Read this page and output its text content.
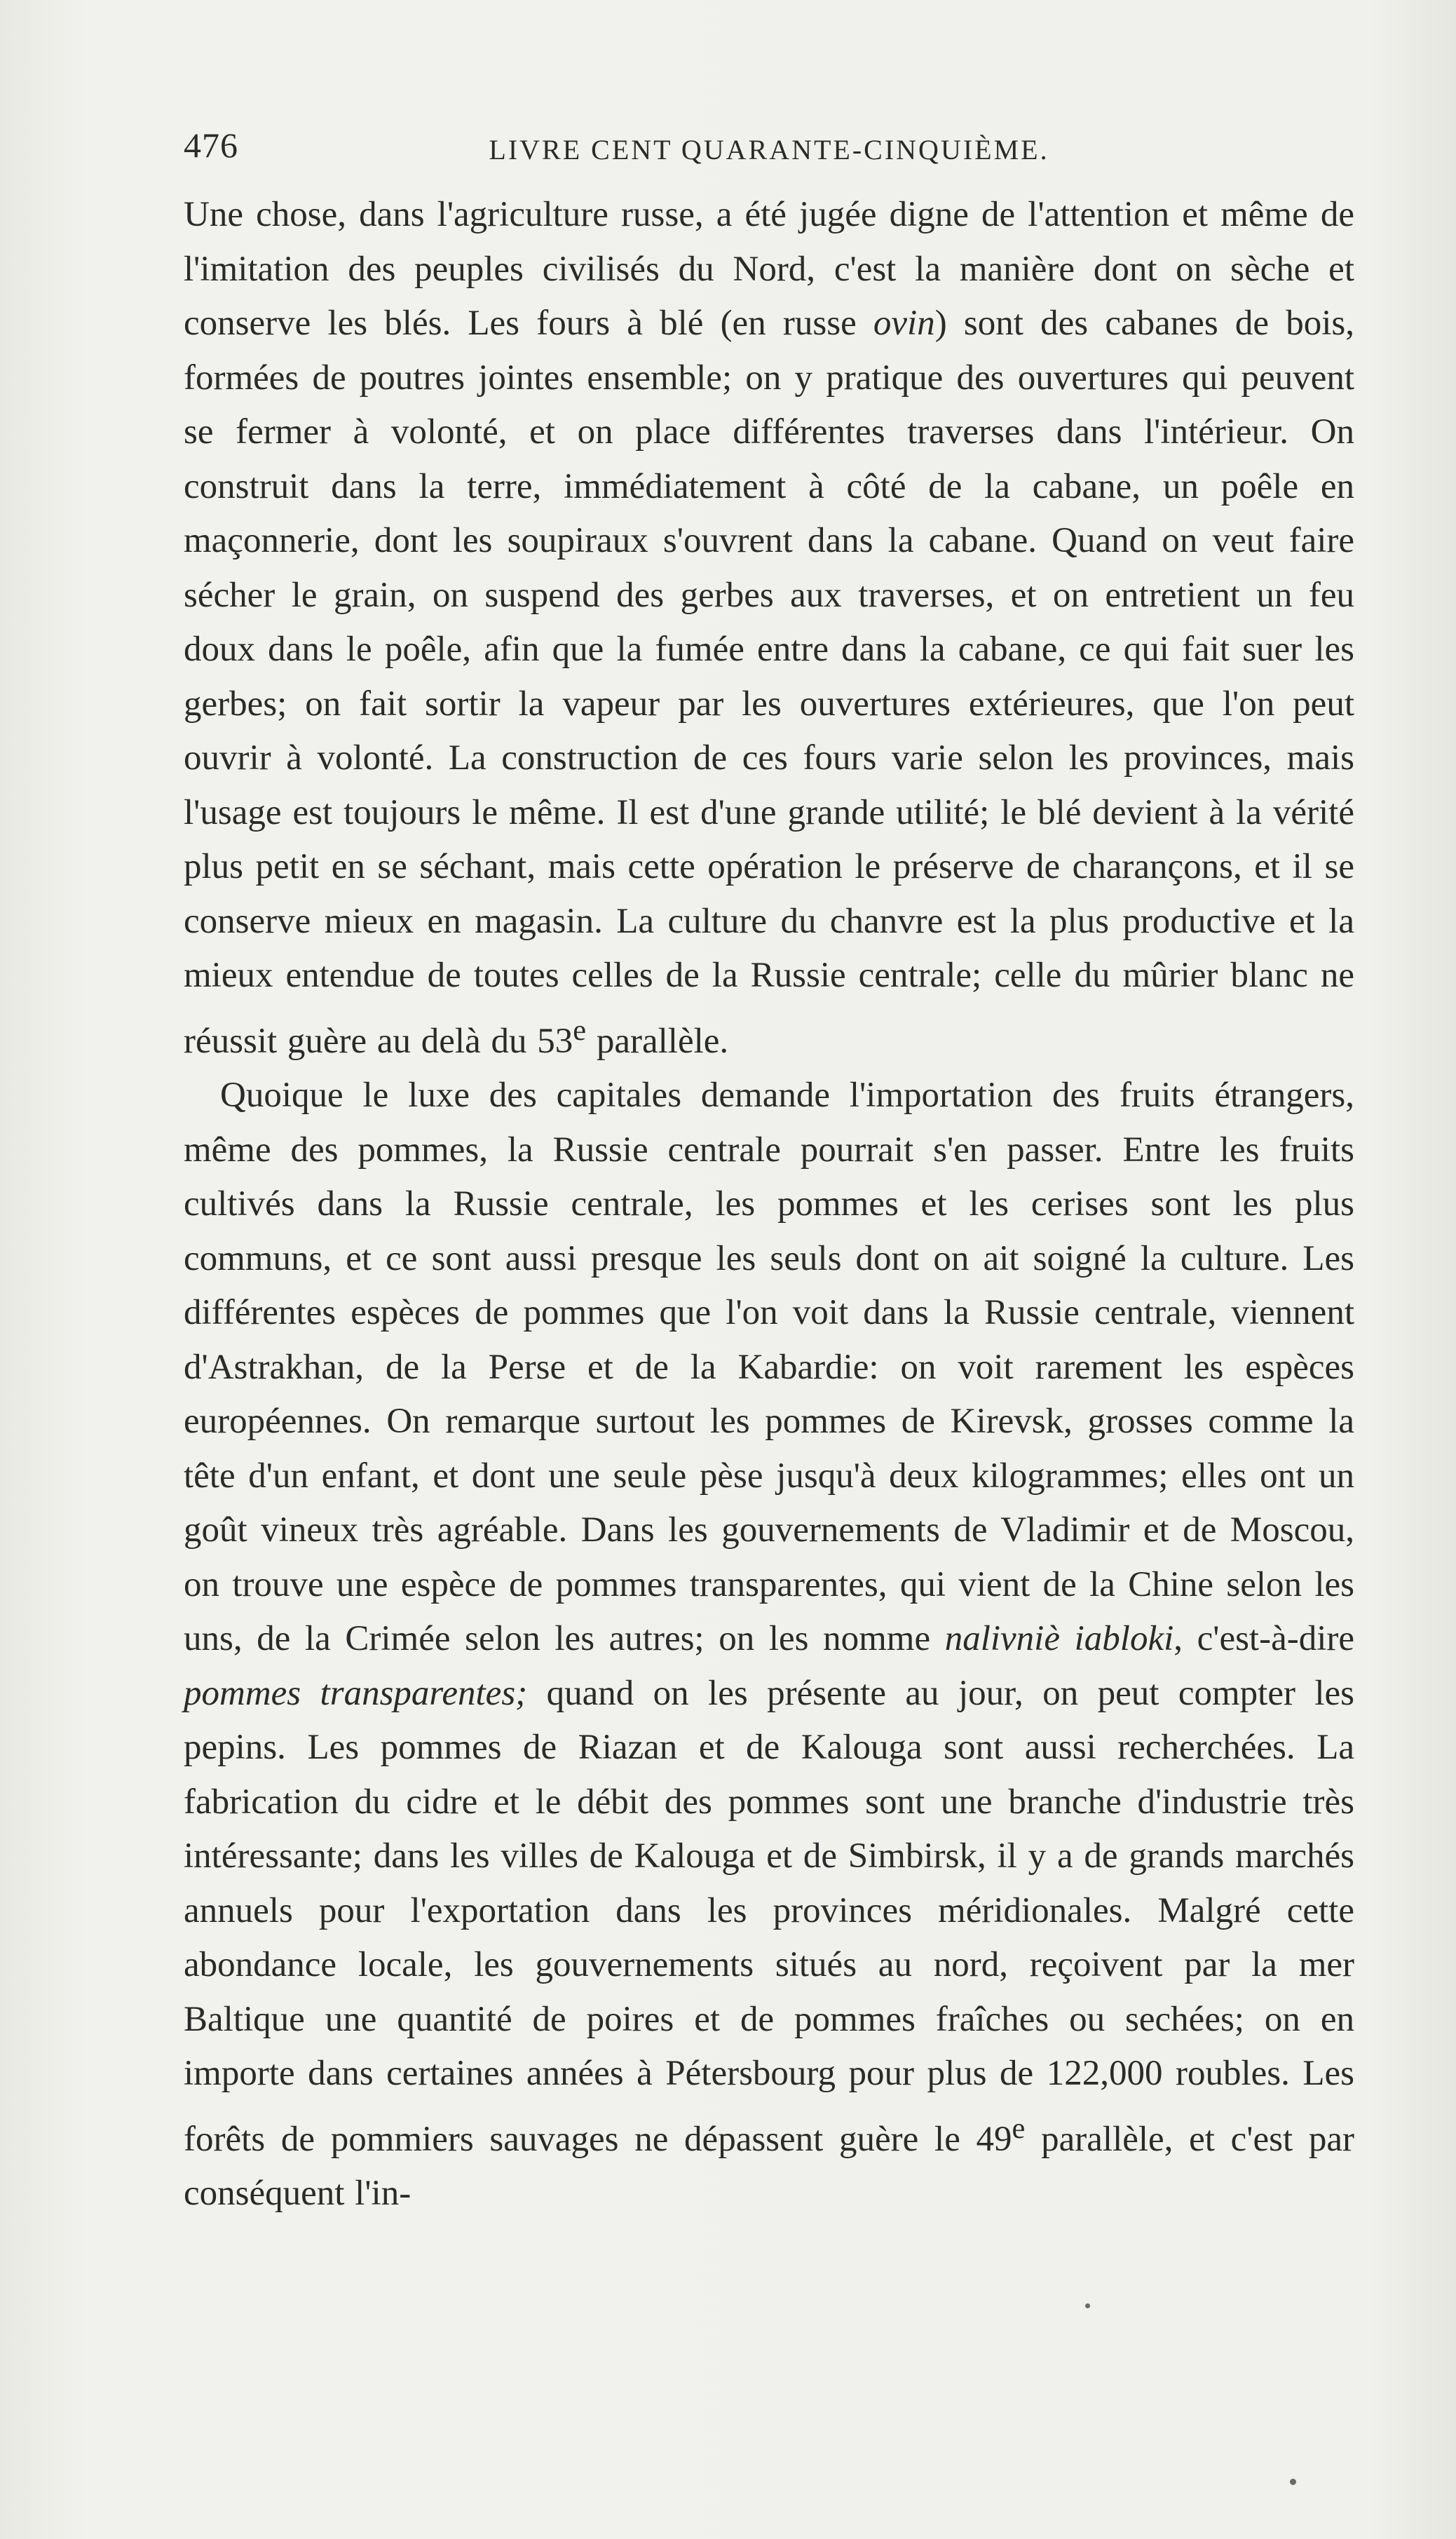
476	LIVRE CENT QUARANTE-CINQUIÈME.

Une chose, dans l'agriculture russe, a été jugée digne de l'attention et même de l'imitation des peuples civilisés du Nord, c'est la manière dont on sèche et conserve les blés. Les fours à blé (en russe ovin) sont des cabanes de bois, formées de poutres jointes ensemble; on y pratique des ouvertures qui peuvent se fermer à volonté, et on place différentes traverses dans l'intérieur. On construit dans la terre, immédiatement à côté de la cabane, un poêle en maçonnerie, dont les soupiraux s'ouvrent dans la cabane. Quand on veut faire sécher le grain, on suspend des gerbes aux traverses, et on entretient un feu doux dans le poêle, afin que la fumée entre dans la cabane, ce qui fait suer les gerbes; on fait sortir la vapeur par les ouvertures extérieures, que l'on peut ouvrir à volonté. La construction de ces fours varie selon les provinces, mais l'usage est toujours le même. Il est d'une grande utilité; le blé devient à la vérité plus petit en se séchant, mais cette opération le préserve de charançons, et il se conserve mieux en magasin. La culture du chanvre est la plus productive et la mieux entendue de toutes celles de la Russie centrale; celle du mûrier blanc ne réussit guère au delà du 53e parallèle.

Quoique le luxe des capitales demande l'importation des fruits étrangers, même des pommes, la Russie centrale pourrait s'en passer. Entre les fruits cultivés dans la Russie centrale, les pommes et les cerises sont les plus communs, et ce sont aussi presque les seuls dont on ait soigné la culture. Les différentes espèces de pommes que l'on voit dans la Russie centrale, viennent d'Astrakhan, de la Perse et de la Kabardie: on voit rarement les espèces européennes. On remarque surtout les pommes de Kirevsk, grosses comme la tête d'un enfant, et dont une seule pèse jusqu'à deux kilogrammes; elles ont un goût vineux très agréable. Dans les gouvernements de Vladimir et de Moscou, on trouve une espèce de pommes transparentes, qui vient de la Chine selon les uns, de la Crimée selon les autres; on les nomme nalivniè iabloki, c'est-à-dire pommes transparentes; quand on les présente au jour, on peut compter les pepins. Les pommes de Riazan et de Kalouga sont aussi recherchées. La fabrication du cidre et le débit des pommes sont une branche d'industrie très intéressante; dans les villes de Kalouga et de Simbirsk, il y a de grands marchés annuels pour l'exportation dans les provinces méridionales. Malgré cette abondance locale, les gouvernements situés au nord, reçoivent par la mer Baltique une quantité de poires et de pommes fraîches ou sechées; on en importe dans certaines années à Pétersbourg pour plus de 122,000 roubles. Les forêts de pommiers sauvages ne dépassent guère le 49e parallèle, et c'est par conséquent l'in-
